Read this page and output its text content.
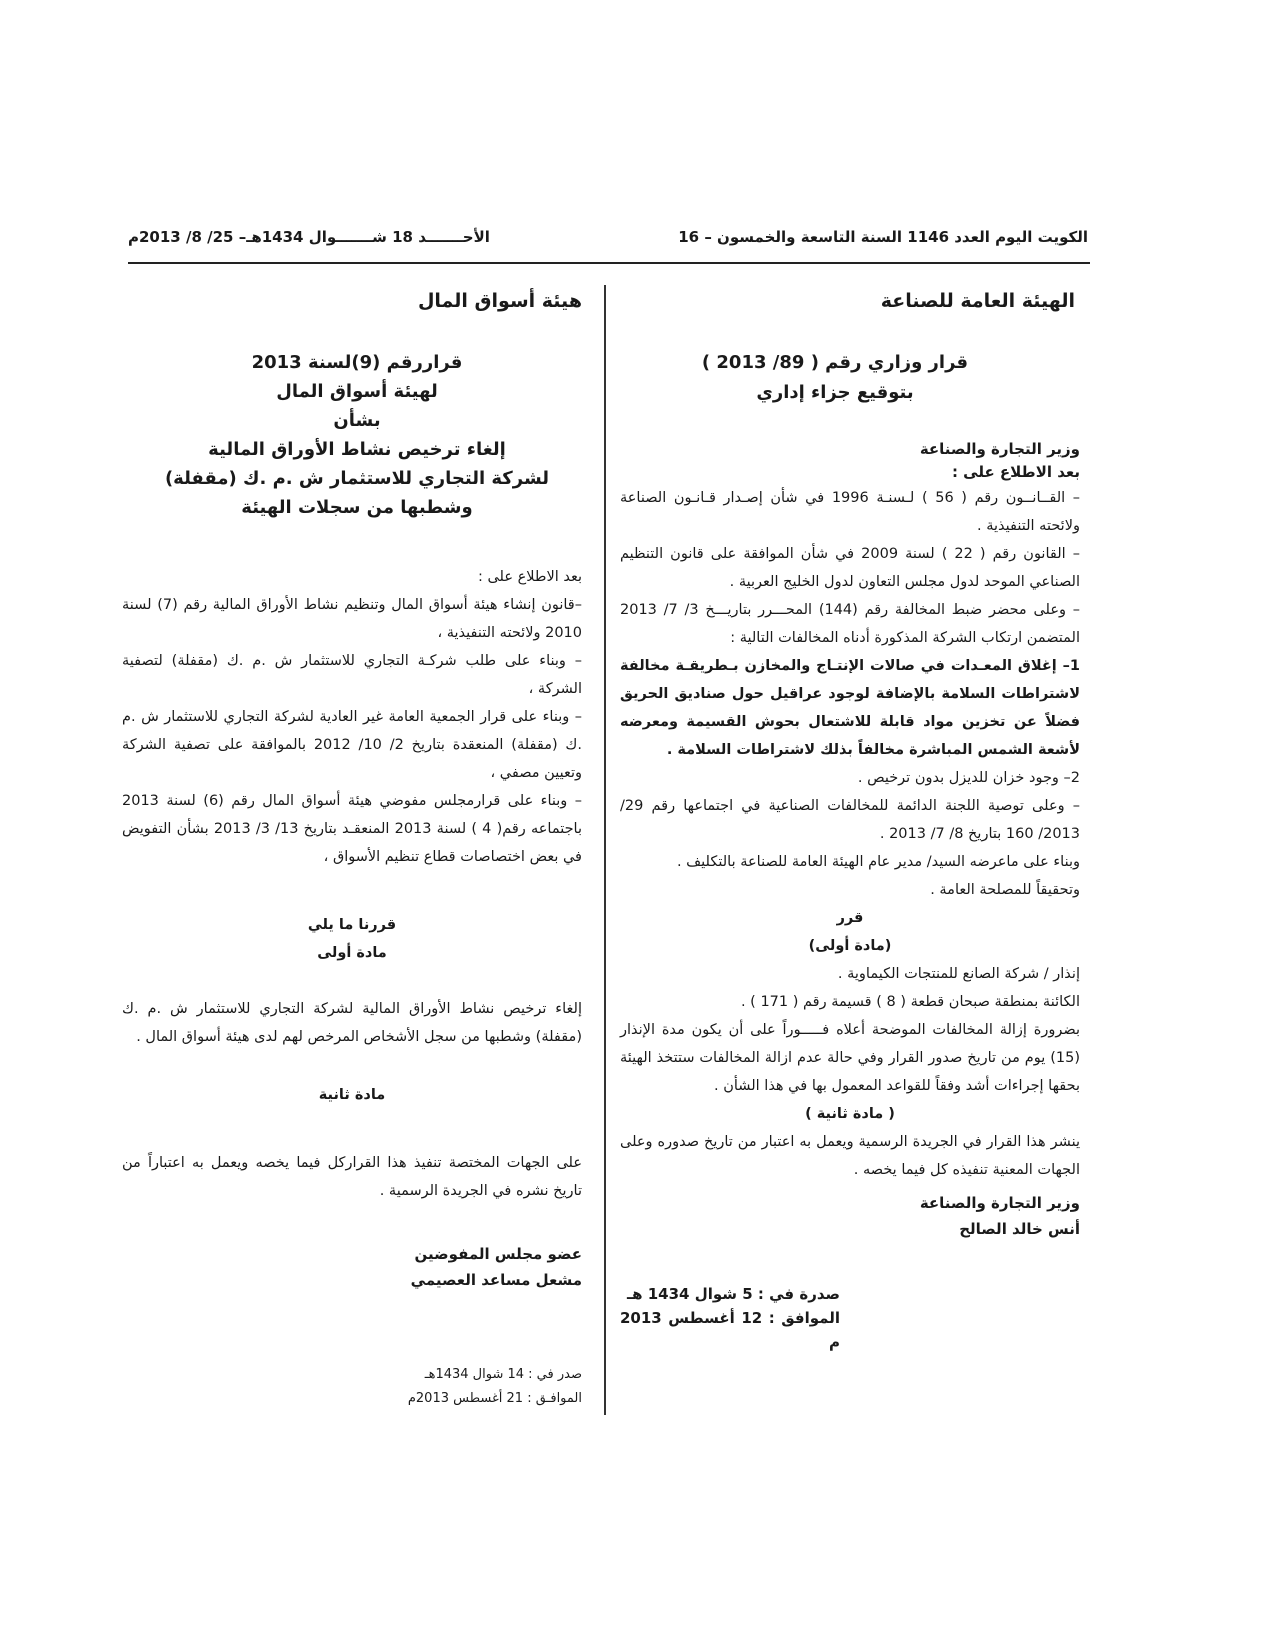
الكويت اليوم العدد 1146 السنة التاسعة والخمسون – 16
الأحـــــــد 18 شـــــــوال 1434هـ– 25/ 8/ 2013م
الهيئة العامة للصناعة
قرار وزاري رقم ( 89/ 2013 )
بتوقيع جزاء إداري

وزير التجارة والصناعة

بعد الاطلاع على :

– القــانــون رقم ( 56 ) لـسنـة 1996 في شأن إصـدار قـانـون الصناعة ولائحته التنفيذية .

– القانون رقم ( 22 ) لسنة 2009 في شأن الموافقة على قانون التنظيم الصناعي الموحد لدول مجلس التعاون لدول الخليج العربية .

– وعلى محضر ضبط المخالفة رقم (144) المحـــرر بتاريـــخ 3/ 7/ 2013 المتضمن ارتكاب الشركة المذكورة أدناه المخالفات التالية :

1– إغلاق المعـدات في صالات الإنتـاج والمخازن بـطريقـة مخالفة لاشتراطات السلامة بالإضافة لوجود عراقيل حول صناديق الحريق فضلاً عن تخزين مواد قابلة للاشتعال بحوش القسيمة ومعرضه لأشعة الشمس المباشرة مخالفاً بذلك لاشتراطات السلامة .

2– وجود خزان للديزل بدون ترخيص .

– وعلى توصية اللجنة الدائمة للمخالفات الصناعية في اجتماعها رقم 29/ 2013/ 160 بتاريخ 8/ 7/ 2013 .

وبناء على ماعرضه السيد/ مدير عام الهيئة العامة للصناعة بالتكليف .

وتحقيقاً للمصلحة العامة .

قرر

(مادة أولى)

إنذار / شركة الصانع للمنتجات الكيماوية .

الكائنة بمنطقة صبحان قطعة ( 8 ) قسيمة رقم ( 171 ) .

بضرورة إزالة المخالفات الموضحة أعلاه فـــــوراً على أن يكون مدة الإنذار (15) يوم من تاريخ صدور القرار وفي حالة عدم ازالة المخالفات ستتخذ الهيئة بحقها إجراءات أشد وفقاً للقواعد المعمول بها في هذا الشأن .

( مادة ثانية )

ينشر هذا القرار في الجريدة الرسمية ويعمل به اعتبار من تاريخ صدوره وعلى الجهات المعنية تنفيذه كل فيما يخصه .

وزير التجارة والصناعة
أنس خالد الصالح
صدرة في : 5 شوال 1434 هـ
الموافق : 12 أغسطس 2013 م
هيئة أسواق المال
قراررقم (9)لسنة 2013
لهيئة أسواق المال
بشأن
إلغاء ترخيص نشاط الأوراق المالية
لشركة التجاري للاستثمار ش .م .ك (مقفلة)
وشطبها من سجلات الهيئة

بعد الاطلاع على :

–قانون إنشاء هيئة أسواق المال وتنظيم نشاط الأوراق المالية رقم (7) لسنة 2010 ولائحته التنفيذية ،

– وبناء على طلب شركـة التجاري للاستثمار ش .م .ك (مقفلة) لتصفية الشركة ،

– وبناء على قرار الجمعية العامة غير العادية لشركة التجاري للاستثمار ش .م .ك (مقفلة) المنعقدة بتاريخ 2/ 10/ 2012 بالموافقة على تصفية الشركة وتعيين مصفي ،

– وبناء على قرارمجلس مفوضي هيئة أسواق المال رقم (6) لسنة 2013 باجتماعه رقم( 4 ) لسنة 2013 المنعقـد بتاريخ 13/ 3/ 2013 بشأن التفويض في بعض اختصاصات قطاع تنظيم الأسواق ،

قررنا ما يلي

مادة أولى

إلغاء ترخيص نشاط الأوراق المالية لشركة التجاري للاستثمار ش .م .ك (مقفلة) وشطبها من سجل الأشخاص المرخص لهم لدى هيئة أسواق المال .

مادة ثانية

على الجهات المختصة تنفيذ هذا القراركل فيما يخصه ويعمل به اعتباراً من تاريخ نشره في الجريدة الرسمية .

عضو مجلس المفوضين
مشعل مساعد العصيمي
صدر في : 14 شوال 1434هـ
الموافـق : 21 أغسطس 2013م
